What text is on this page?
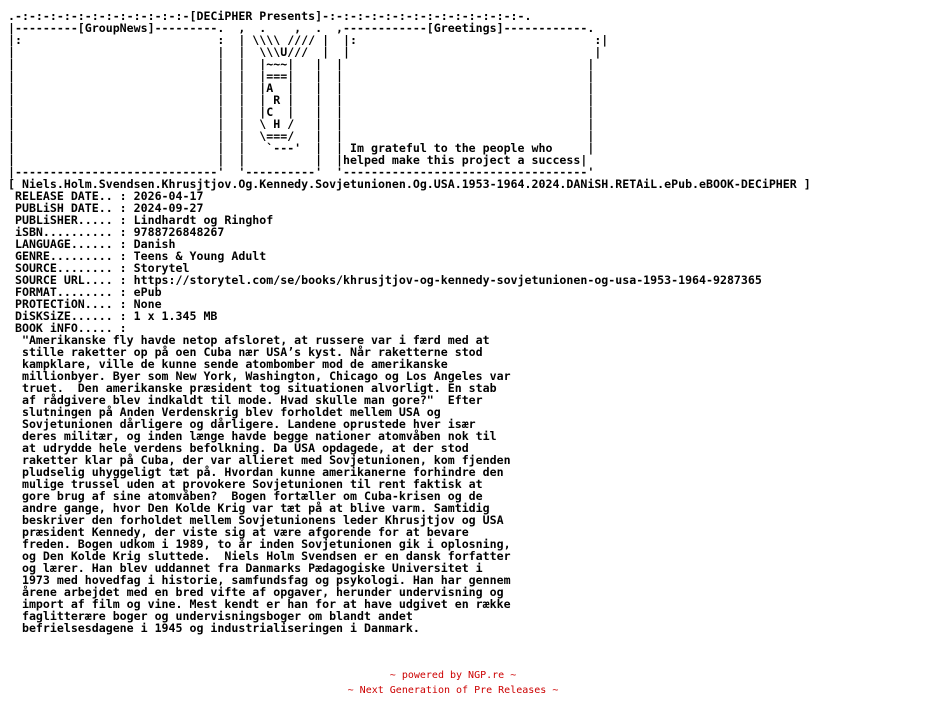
.-:-:-:-:-:-:-:-:-:-:-:-:-[DECiPHER Presents]-:-:-:-:-:-:-:-:-:-:-:-:-:-:-.
|---------[GroupNews]---------.  ,  .    ,  .  ,------------[Greetings]------------.
|:                            :  | \\\\ //// |  |:                                  :|
|                             |  |  \\\U///  |  |                                   |
|                             |  |  |~~~|   |  |                                   |
|                             |  |  |===|   |  |                                   |
|                             |  |  |A  |   |  |                                   |
|                             |  |  | R |   |  |                                   |
|                             |  |  |C  |   |  |                                   |
|                             |  |  \ H /   |  |                                   |
|                             |  |  \===/   |  |                                   |
|                             |  |   `---'  |  | Im grateful to the people who     |
|                             |  |          |  |helped make this project a success|
|-----------------------------'  '----------'  '-----------------------------------'
[ Niels.Holm.Svendsen.Khrusjtjov.Og.Kennedy.Sovjetunionen.Og.USA.1953-1964.2024.DANiSH.RETAiL.ePub.eBOOK-DECiPHER ]
RELEASE DATE.. : 2026-04-17
PUBLiSH DATE.. : 2024-09-27
PUBLiSHER..... : Lindhardt og Ringhof
iSBN.......... : 9788726848267
LANGUAGE...... : Danish
GENRE......... : Teens & Young Adult
SOURCE........ : Storytel
SOURCE URL.... : https://storytel.com/se/books/khrusjtjov-og-kennedy-sovjetunionen-og-usa-1953-1964-9287365
FORMAT........ : ePub
PROTECTiON.... : None
DiSKSiZE...... : 1 x 1.345 MB
BOOK iNFO..... :
"Amerikanske fly havde netop afsloret, at russere var i færd med at
stille raketter op på oen Cuba nær USA’s kyst. Når raketterne stod
kampklare, ville de kunne sende atombomber mod de amerikanske
millionbyer. Byer som New York, Washington, Chicago og Los Angeles var
truet.  Den amerikanske præsident tog situationen alvorligt. En stab
af rådgivere blev indkaldt til mode. Hvad skulle man gore?"  Efter
slutningen på Anden Verdenskrig blev forholdet mellem USA og
Sovjetunionen dårligere og dårligere. Landene oprustede hver især
deres militær, og inden længe havde begge nationer atomvåben nok til
at udrydde hele verdens befolkning. Da USA opdagede, at der stod
raketter klar på Cuba, der var allieret med Sovjetunionen, kom fjenden
pludselig uhyggeligt tæt på. Hvordan kunne amerikanerne forhindre den
mulige trussel uden at provokere Sovjetunionen til rent faktisk at
gore brug af sine atomvåben?  Bogen fortæller om Cuba-krisen og de
andre gange, hvor Den Kolde Krig var tæt på at blive varm. Samtidig
beskriver den forholdet mellem Sovjetunionens leder Khrusjtjov og USA
præsident Kennedy, der viste sig at være afgorende for at bevare
freden. Bogen udkom i 1989, to år inden Sovjetunionen gik i oplosning,
og Den Kolde Krig sluttede.  Niels Holm Svendsen er en dansk forfatter
og lærer. Han blev uddannet fra Danmarks Pædagogiske Universitet i
1973 med hovedfag i historie, samfundsfag og psykologi. Han har gennem
årene arbejdet med en bred vifte af opgaver, herunder undervisning og
import af film og vine. Mest kendt er han for at have udgivet en række
faglitterære boger og undervisningsboger om blandt andet
befrielsesdagene i 1945 og industrialiseringen i Danmark.

~ powered by NGP.re ~
~ Next Generation of Pre Releases ~
